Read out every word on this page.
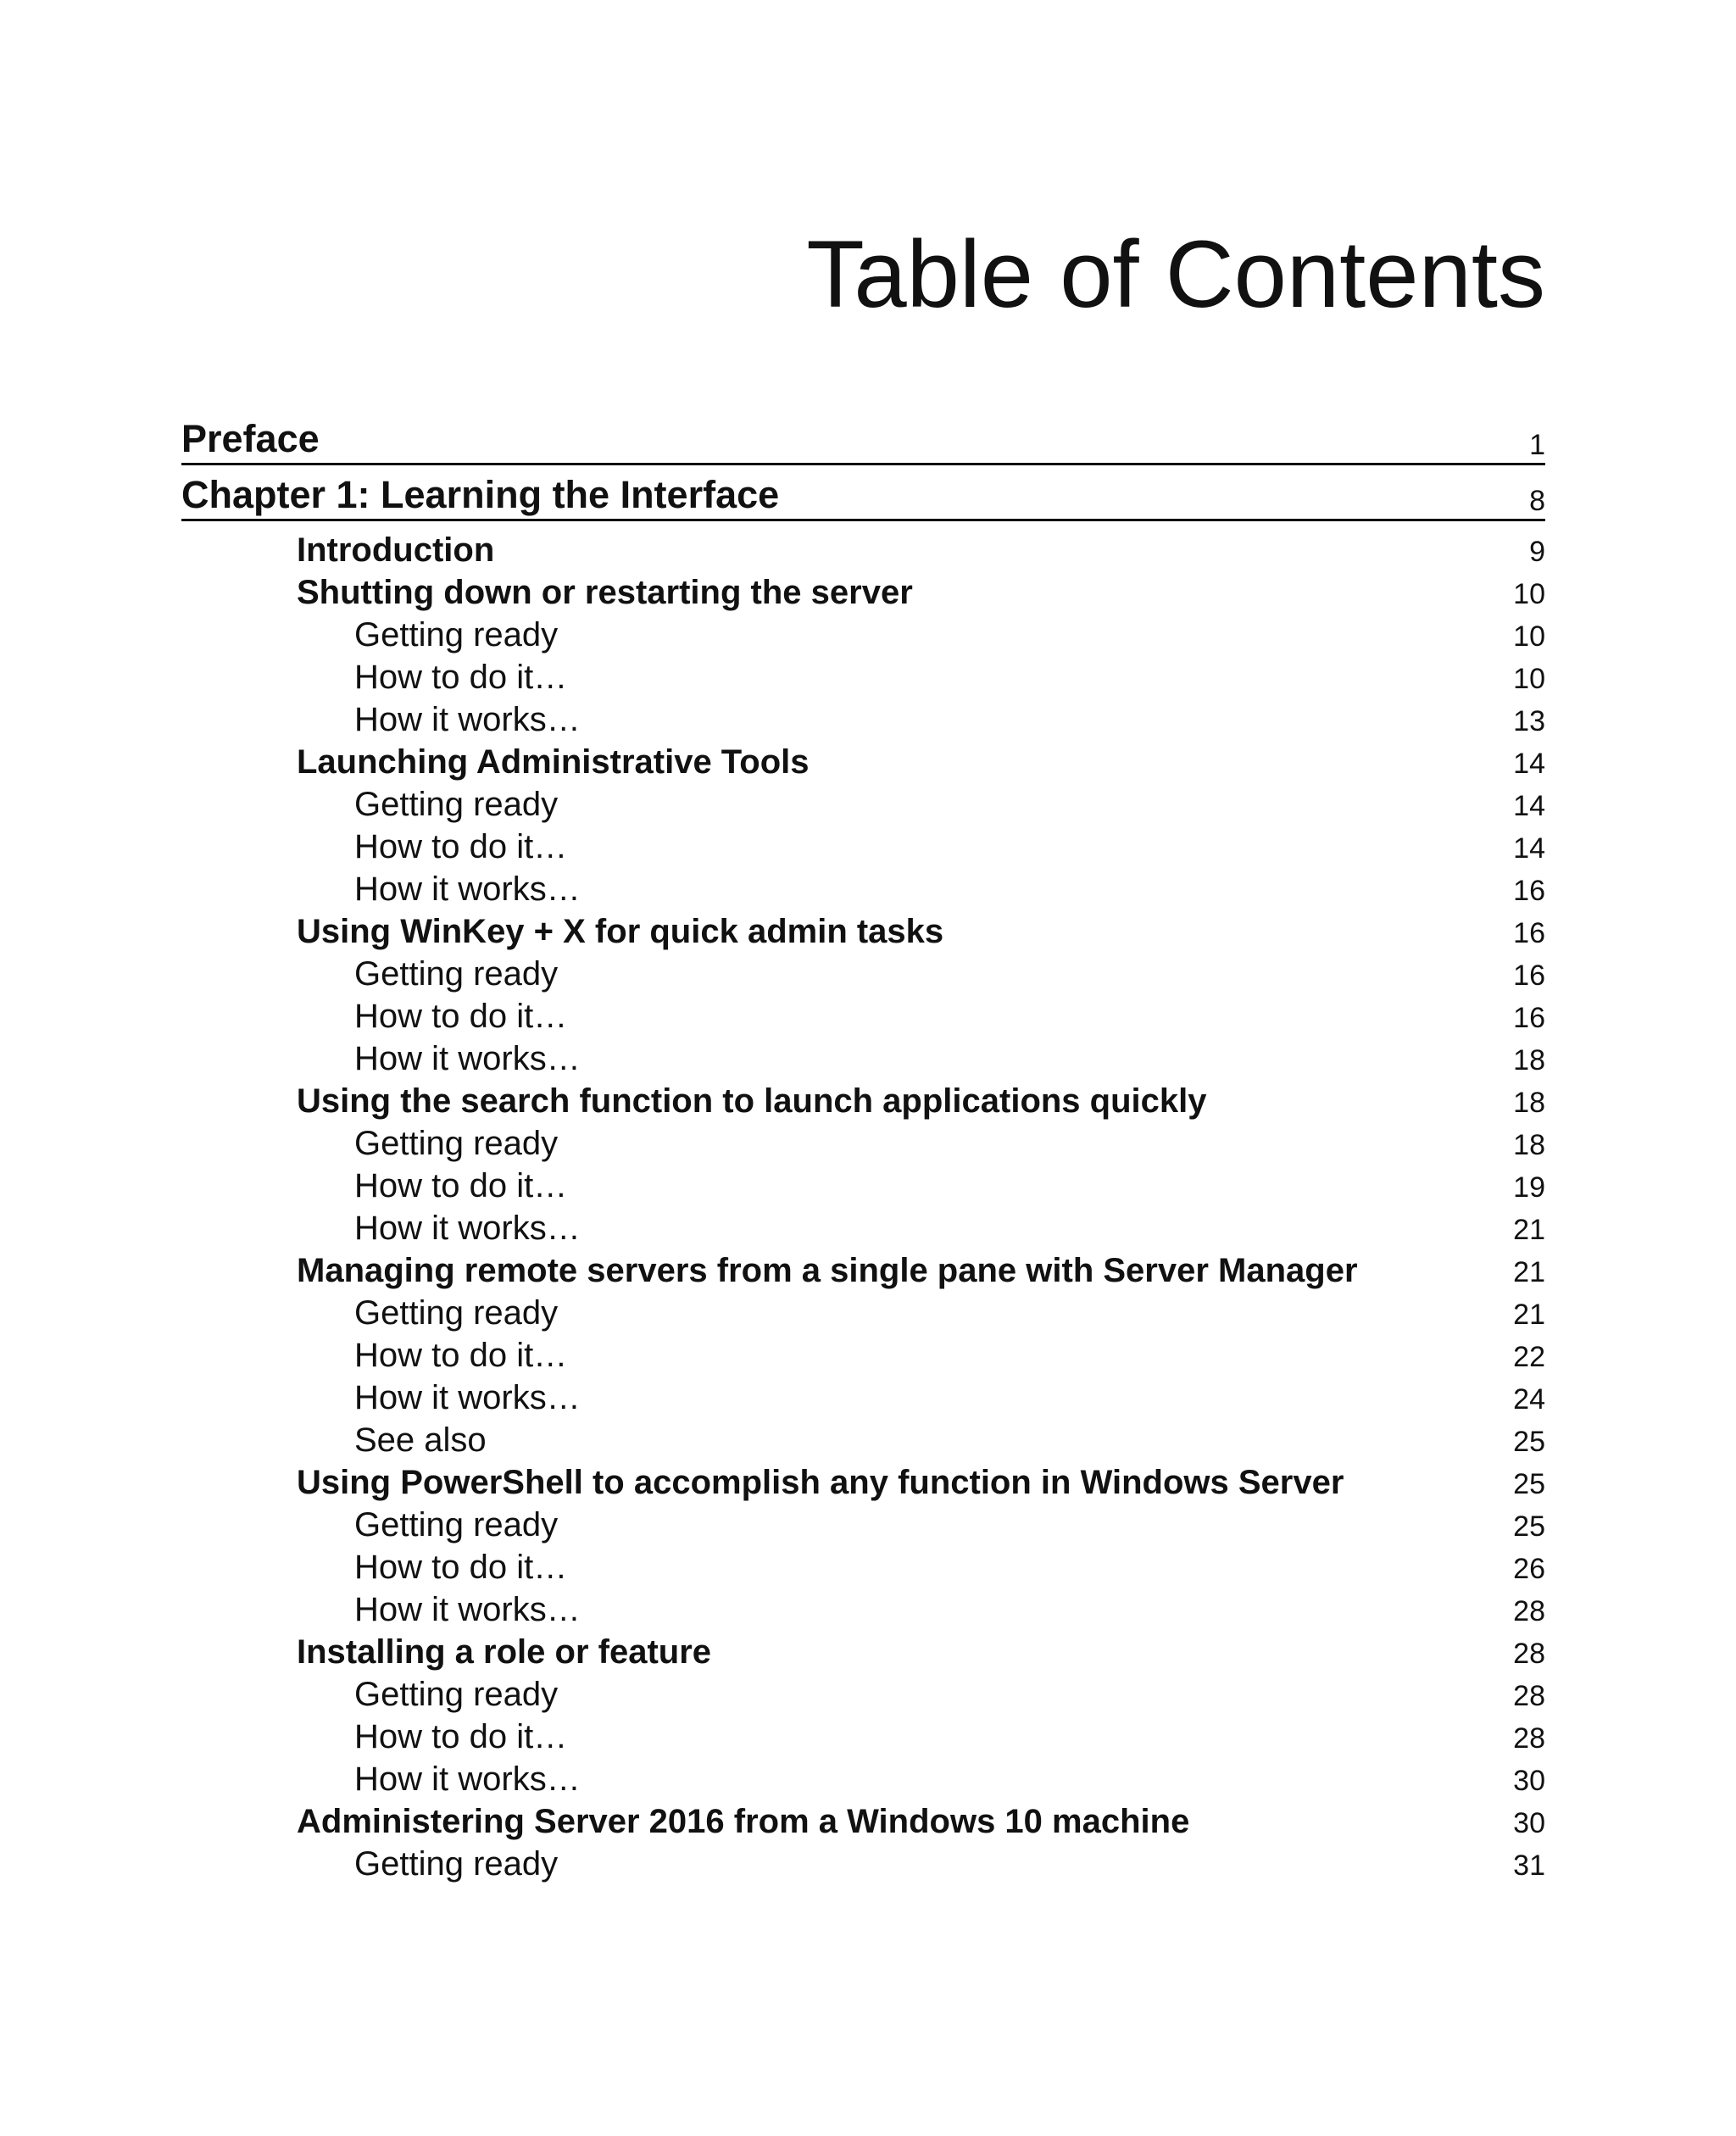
Table of Contents
Preface	1
Chapter 1: Learning the Interface	8
Introduction	9
Shutting down or restarting the server	10
Getting ready	10
How to do it…	10
How it works…	13
Launching Administrative Tools	14
Getting ready	14
How to do it…	14
How it works…	16
Using WinKey + X for quick admin tasks	16
Getting ready	16
How to do it…	16
How it works…	18
Using the search function to launch applications quickly	18
Getting ready	18
How to do it…	19
How it works…	21
Managing remote servers from a single pane with Server Manager	21
Getting ready	21
How to do it…	22
How it works…	24
See also	25
Using PowerShell to accomplish any function in Windows Server	25
Getting ready	25
How to do it…	26
How it works…	28
Installing a role or feature	28
Getting ready	28
How to do it…	28
How it works…	30
Administering Server 2016 from a Windows 10 machine	30
Getting ready	31
